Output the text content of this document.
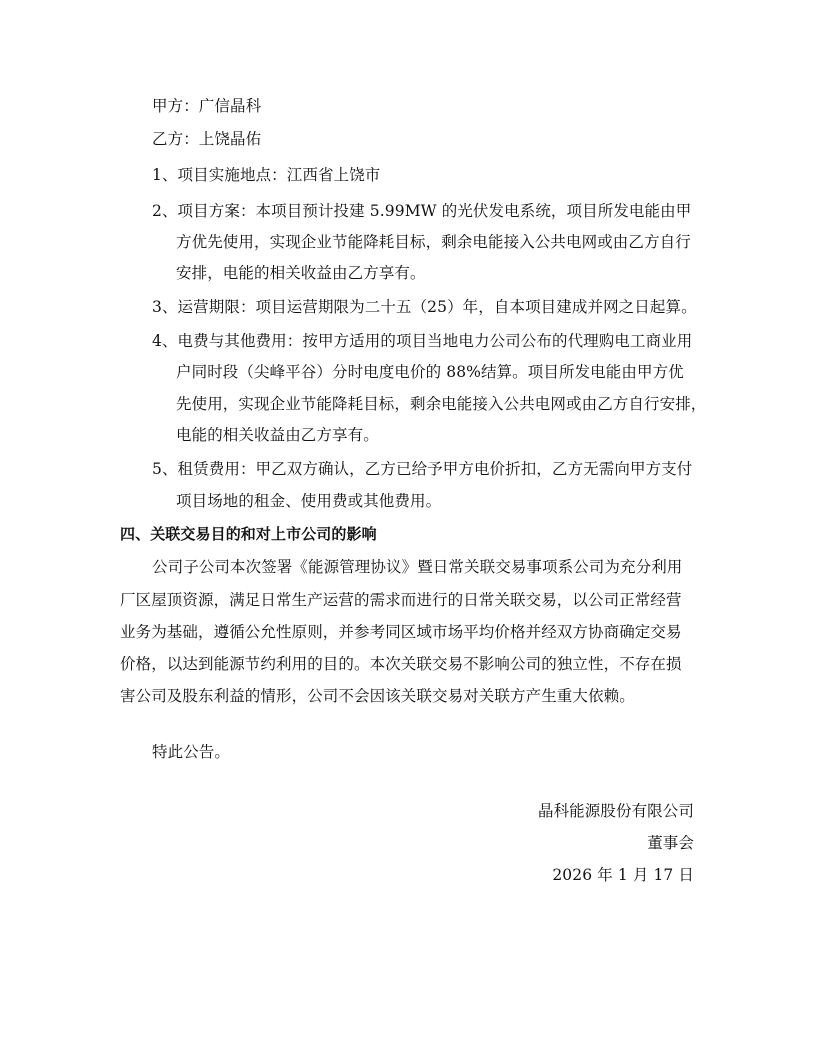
甲方：广信晶科
乙方：上饶晶佑
1、项目实施地点：江西省上饶市
2、项目方案：本项目预计投建 5.99MW 的光伏发电系统，项目所发电能由甲
方优先使用，实现企业节能降耗目标，剩余电能接入公共电网或由乙方自行
安排，电能的相关收益由乙方享有。
3、运营期限：项目运营期限为二十五（25）年，自本项目建成并网之日起算。
4、电费与其他费用：按甲方适用的项目当地电力公司公布的代理购电工商业用
户同时段（尖峰平谷）分时电度电价的 88%结算。项目所发电能由甲方优
先使用，实现企业节能降耗目标，剩余电能接入公共电网或由乙方自行安排，
电能的相关收益由乙方享有。
5、租赁费用：甲乙双方确认，乙方已给予甲方电价折扣，乙方无需向甲方支付
项目场地的租金、使用费或其他费用。
四、关联交易目的和对上市公司的影响
公司子公司本次签署《能源管理协议》暨日常关联交易事项系公司为充分利用
厂区屋顶资源，满足日常生产运营的需求而进行的日常关联交易，以公司正常经营
业务为基础，遵循公允性原则，并参考同区域市场平均价格并经双方协商确定交易
价格，以达到能源节约利用的目的。本次关联交易不影响公司的独立性，不存在损
害公司及股东利益的情形，公司不会因该关联交易对关联方产生重大依赖。
特此公告。
晶科能源股份有限公司
董事会
2026 年 1 月 17 日
